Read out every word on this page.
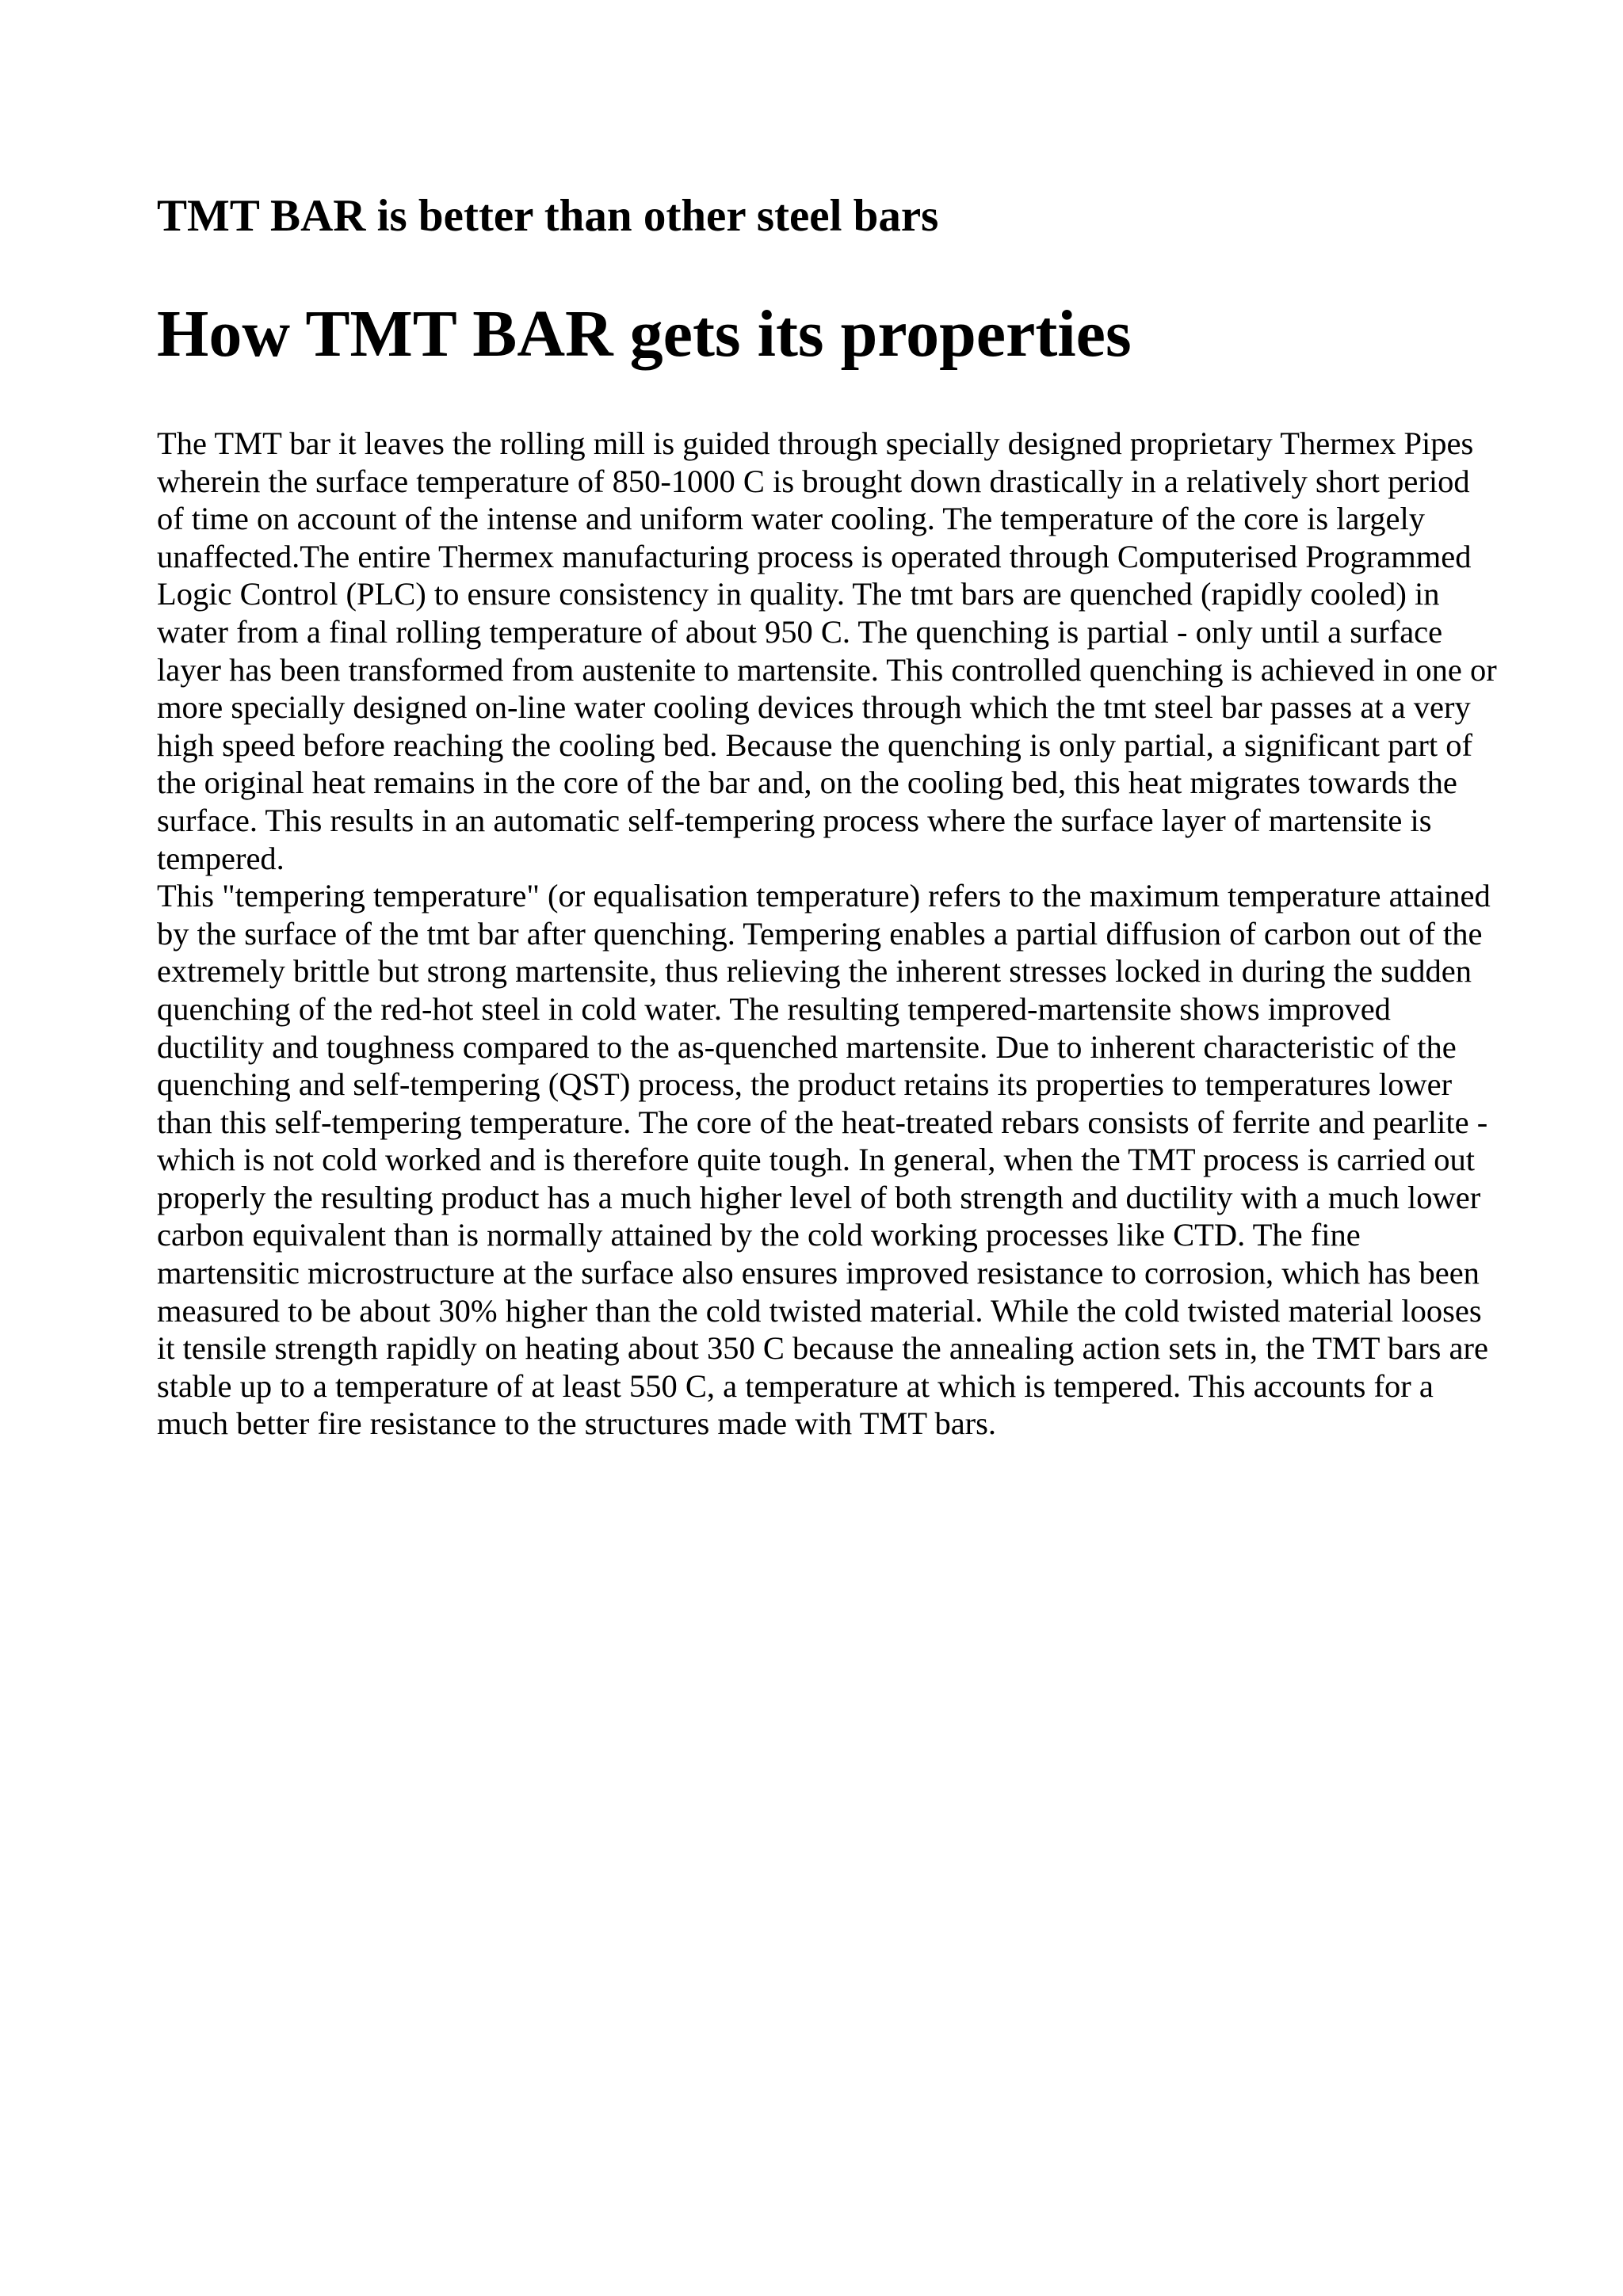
TMT BAR is better than other steel bars
How TMT BAR gets its properties

The TMT bar it leaves the rolling mill is guided through specially designed proprietary Thermex Pipes wherein the surface temperature of 850-1000 C is brought down drastically in a relatively short period of time on account of the intense and uniform water cooling. The temperature of the core is largely unaffected.The entire Thermex manufacturing process is operated through Computerised Programmed Logic Control (PLC) to ensure consistency in quality. The tmt bars are quenched (rapidly cooled) in water from a final rolling temperature of about 950 C. The quenching is partial - only until a surface layer has been transformed from austenite to martensite. This controlled quenching is achieved in one or more specially designed on-line water cooling devices through which the tmt steel bar passes at a very high speed before reaching the cooling bed. Because the quenching is only partial, a significant part of the original heat remains in the core of the bar and, on the cooling bed, this heat migrates towards the surface. This results in an automatic self-tempering process where the surface layer of martensite is tempered.

This "tempering temperature" (or equalisation temperature) refers to the maximum temperature attained by the surface of the tmt bar after quenching. Tempering enables a partial diffusion of carbon out of the extremely brittle but strong martensite, thus relieving the inherent stresses locked in during the sudden quenching of the red-hot steel in cold water. The resulting tempered-martensite shows improved ductility and toughness compared to the as-quenched martensite. Due to inherent characteristic of the quenching and self-tempering (QST) process, the product retains its properties to temperatures lower than this self-tempering temperature. The core of the heat-treated rebars consists of ferrite and pearlite - which is not cold worked and is therefore quite tough. In general, when the TMT process is carried out properly the resulting product has a much higher level of both strength and ductility with a much lower carbon equivalent than is normally attained by the cold working processes like CTD. The fine martensitic microstructure at the surface also ensures improved resistance to corrosion, which has been measured to be about 30% higher than the cold twisted material. While the cold twisted material looses it tensile strength rapidly on heating about 350 C because the annealing action sets in, the TMT bars are stable up to a temperature of at least 550 C, a temperature at which is tempered. This accounts for a much better fire resistance to the structures made with TMT bars.
